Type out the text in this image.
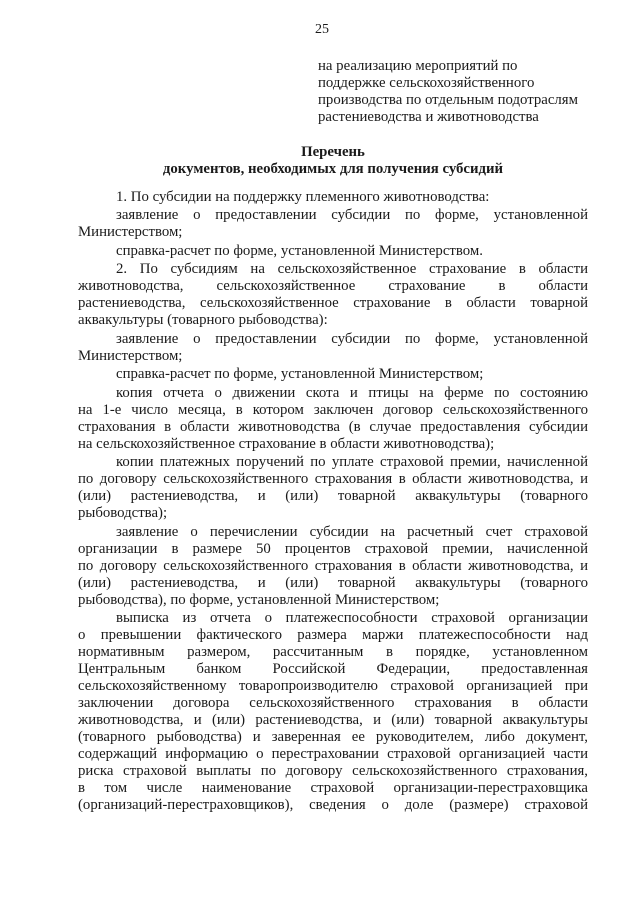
25
на реализацию мероприятий по
поддержке сельскохозяйственного
производства по отдельным подотраслям
растениеводства и животноводства
Перечень
документов, необходимых для получения субсидий
1. По субсидии на поддержку племенного животноводства:
заявление о предоставлении субсидии по форме, установленной
Министерством;
справка-расчет по форме, установленной Министерством.
2. По субсидиям на сельскохозяйственное страхование в области
животноводства, сельскохозяйственное страхование в области
растениеводства, сельскохозяйственное страхование в области товарной
аквакультуры (товарного рыбоводства):
заявление о предоставлении субсидии по форме, установленной
Министерством;
справка-расчет по форме, установленной Министерством;
копия отчета о движении скота и птицы на ферме по состоянию
на 1-е число месяца, в котором заключен договор сельскохозяйственного
страхования в области животноводства (в случае предоставления субсидии
на сельскохозяйственное страхование в области животноводства);
копии платежных поручений по уплате страховой премии, начисленной
по договору сельскохозяйственного страхования в области животноводства, и
(или) растениеводства, и (или) товарной аквакультуры (товарного
рыбоводства);
заявление о перечислении субсидии на расчетный счет страховой
организации в размере 50 процентов страховой премии, начисленной
по договору сельскохозяйственного страхования в области животноводства, и
(или) растениеводства, и (или) товарной аквакультуры (товарного
рыбоводства), по форме, установленной Министерством;
выписка из отчета о платежеспособности страховой организации
о превышении фактического размера маржи платежеспособности над
нормативным размером, рассчитанным в порядке, установленном
Центральным банком Российской Федерации, предоставленная
сельскохозяйственному товаропроизводителю страховой организацией при
заключении договора сельскохозяйственного страхования в области
животноводства, и (или) растениеводства, и (или) товарной аквакультуры
(товарного рыбоводства) и заверенная ее руководителем, либо документ,
содержащий информацию о перестраховании страховой организацией части
риска страховой выплаты по договору сельскохозяйственного страхования,
в том числе наименование страховой организации-перестраховщика
(организаций-перестраховщиков), сведения о доле (размере) страховой
